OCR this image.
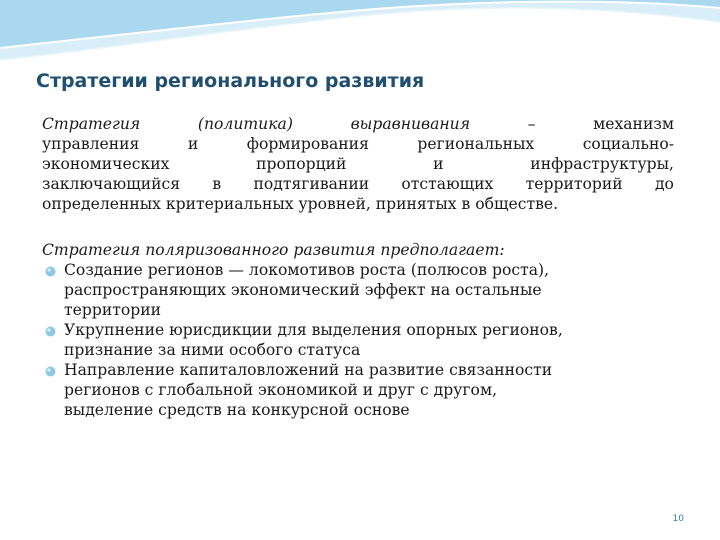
Стратегии регионального развития
Стратегия	(политика)	выравнивания	–	механизм
управления	и	формирования	региональных	социально-
экономических	пропорций	и	инфраструктуры,
заключающийся в подтягивании отстающих территорий до
определенных критериальных уровней, принятых в обществе.
Стратегия поляризованного развития предполагает:
Создание регионов — локомотивов роста (полюсов роста),
распространяющих экономический эффект на остальные
территории
Укрупнение юрисдикции для выделения опорных регионов,
признание за ними особого статуса
Направление капиталовложений на развитие связанности
регионов с глобальной экономикой и друг с другом,
выделение средств на конкурсной основе
10
